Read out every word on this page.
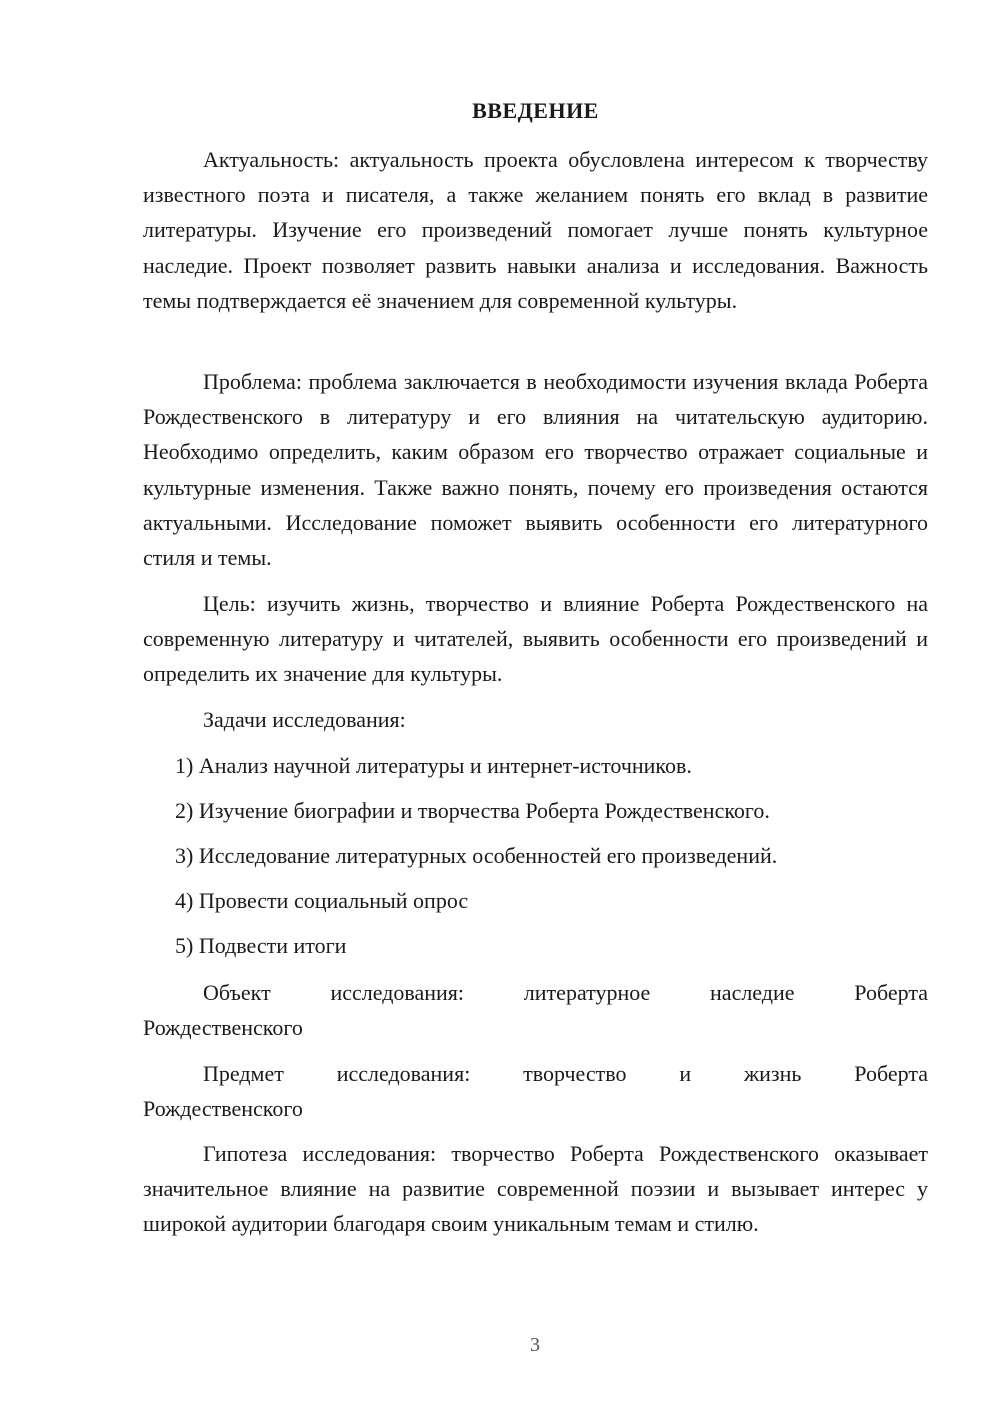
ВВЕДЕНИЕ

Актуальность: актуальность проекта обусловлена интересом к творчеству известного поэта и писателя, а также желанием понять его вклад в развитие литературы. Изучение его произведений помогает лучше понять культурное наследие. Проект позволяет развить навыки анализа и исследования. Важность темы подтверждается её значением для современной культуры.

Проблема: проблема заключается в необходимости изучения вклада Роберта Рождественского в литературу и его влияния на читательскую аудиторию. Необходимо определить, каким образом его творчество отражает социальные и культурные изменения. Также важно понять, почему его произведения остаются актуальными. Исследование поможет выявить особенности его литературного стиля и темы.

Цель: изучить жизнь, творчество и влияние Роберта Рождественского на современную литературу и читателей, выявить особенности его произведений и определить их значение для культуры.

Задачи исследования:

1) Анализ научной литературы и интернет-источников.

2) Изучение биографии и творчества Роберта Рождественского.

3) Исследование литературных особенностей его произведений.

4) Провести социальный опрос

5) Подвести итоги

Объект исследования: литературное наследие Роберта
Рождественского
Предмет исследования: творчество и жизнь Роберта
Рождественского

Гипотеза исследования: творчество Роберта Рождественского оказывает значительное влияние на развитие современной поэзии и вызывает интерес у широкой аудитории благодаря своим уникальным темам и стилю.

3
